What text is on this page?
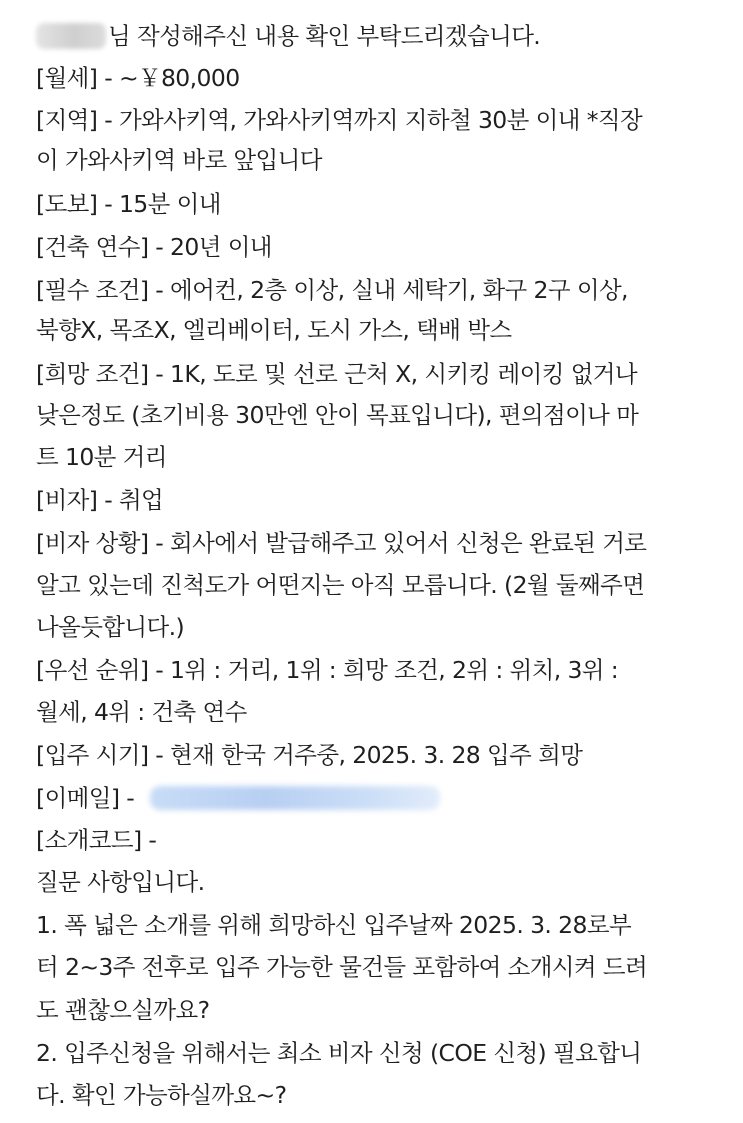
님 작성해주신 내용 확인 부탁드리겠습니다.
[월세] - ~￥80,000
[지역] - 가와사키역, 가와사키역까지 지하철 30분 이내 *직장
이 가와사키역 바로 앞입니다
[도보] - 15분 이내
[건축 연수] - 20년 이내
[필수 조건] - 에어컨, 2층 이상, 실내 세탁기, 화구 2구 이상,
북향X, 목조X, 엘리베이터, 도시 가스, 택배 박스
[희망 조건] - 1K, 도로 및 선로 근처 X, 시키킹 레이킹 없거나
낮은정도 (초기비용 30만엔 안이 목표입니다), 편의점이나 마
트 10분 거리
[비자] - 취업
[비자 상황] - 회사에서 발급해주고 있어서 신청은 완료된 거로
알고 있는데 진척도가 어떤지는 아직 모릅니다. (2월 둘째주면
나올듯합니다.)
[우선 순위] - 1위 : 거리, 1위 : 희망 조건, 2위 : 위치, 3위 :
월세, 4위 : 건축 연수
[입주 시기] - 현재 한국 거주중, 2025. 3. 28 입주 희망
[이메일] -
[소개코드] -
질문 사항입니다.
1. 폭 넓은 소개를 위해 희망하신 입주날짜 2025. 3. 28로부
터 2~3주 전후로 입주 가능한 물건들 포함하여 소개시켜 드려
도 괜찮으실까요?
2. 입주신청을 위해서는 최소 비자 신청 (COE 신청) 필요합니
다. 확인 가능하실까요~?
